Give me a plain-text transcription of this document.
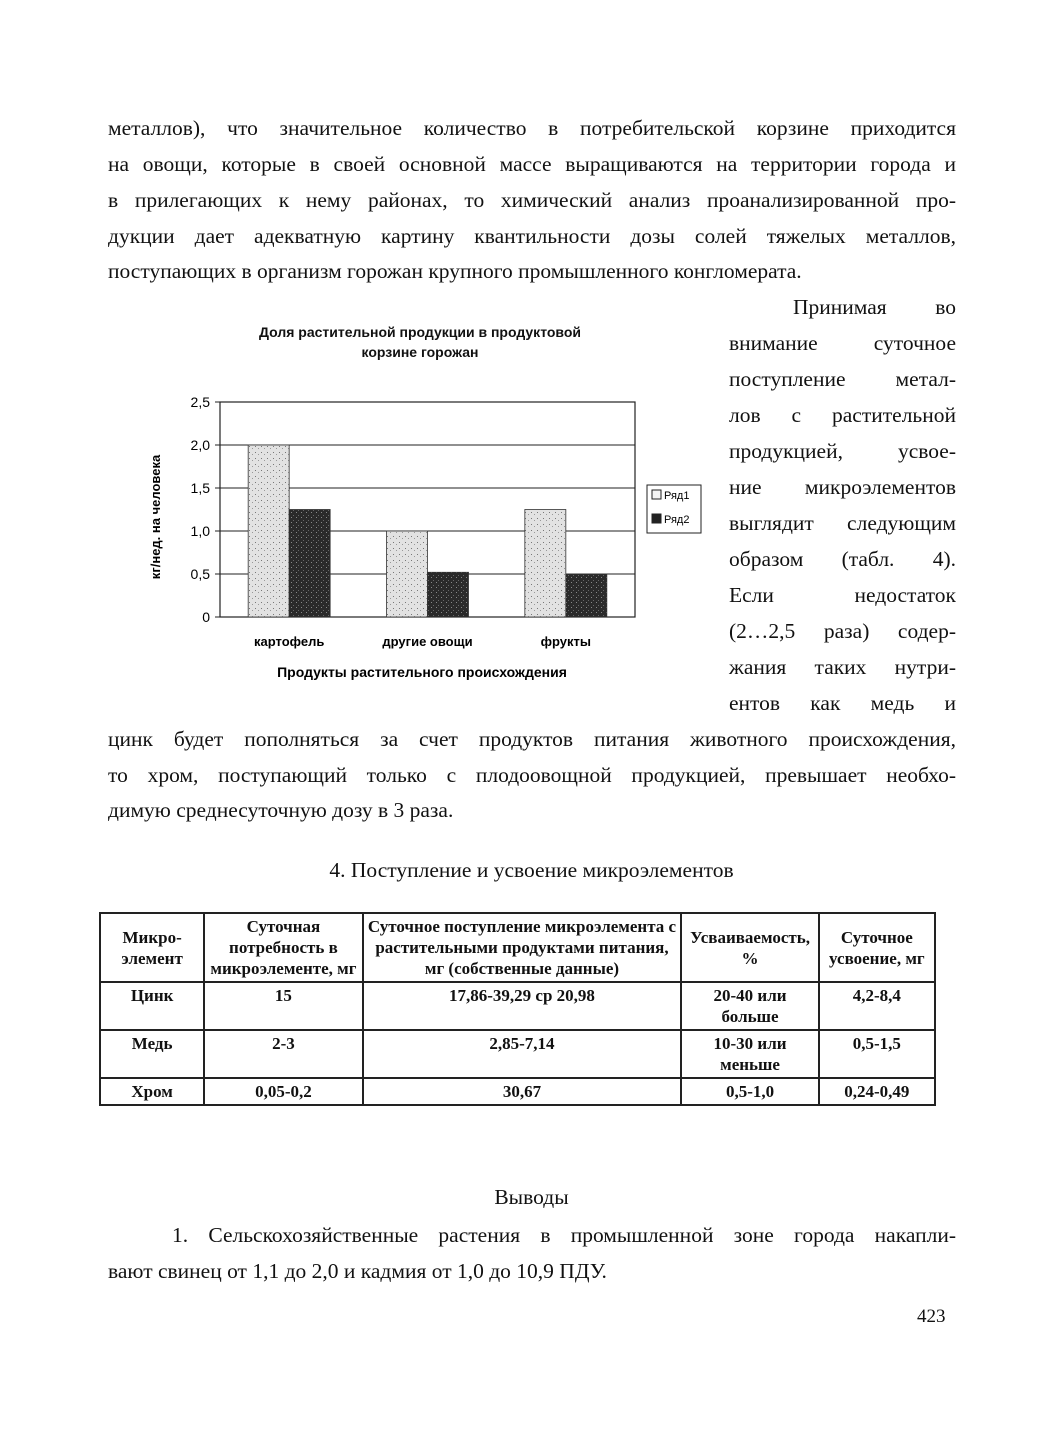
металлов), что значительное количество в потребительской корзине приходится
на овощи, которые в своей основной массе выращиваются на территории города и
в прилегающих к нему районах, то химический анализ проанализированной про-
дукции дает адекватную картину квантильности дозы солей тяжелых металлов,
поступающих в организм горожан крупного промышленного конгломерата.
Принимая во
внимание суточное
поступление метал-
лов с растительной
продукцией, усвое-
ние микроэлементов
выглядит следующим
образом (табл. 4).
Если недостаток
(2…2,5 раза) содер-
жания таких нутри-
ентов как медь и
Доля растительной продукции в продуктовой
корзине горожан
0
0,5
1,0
1,5
2,0
2,5
картофель	другие овощи	фрукты
кг/нед. на человека
Продукты растительного происхождения
Ряд1
Ряд2
цинк будет пополняться за счет продуктов питания животного происхождения,
то хром, поступающий только с плодоовощной продукцией, превышает необхо-
димую среднесуточную дозу в 3 раза.
4. Поступление и усвоение микроэлементов
Микро-элемент	Суточная потребность в микроэлементе, мг	Суточное поступление микроэлемента с растительными продуктами питания, мг (собственные данные)	Усваиваемость, %	Суточное усвоение, мг
Цинк	15	17,86-39,29 ср 20,98	20-40 или больше	4,2-8,4
Медь	2-3	2,85-7,14	10-30 или меньше	0,5-1,5
Хром	0,05-0,2	30,67	0,5-1,0	0,24-0,49
Выводы
1. Сельскохозяйственные растения в промышленной зоне города накапли-
вают свинец от 1,1 до 2,0 и кадмия от 1,0 до 10,9 ПДУ.
423
